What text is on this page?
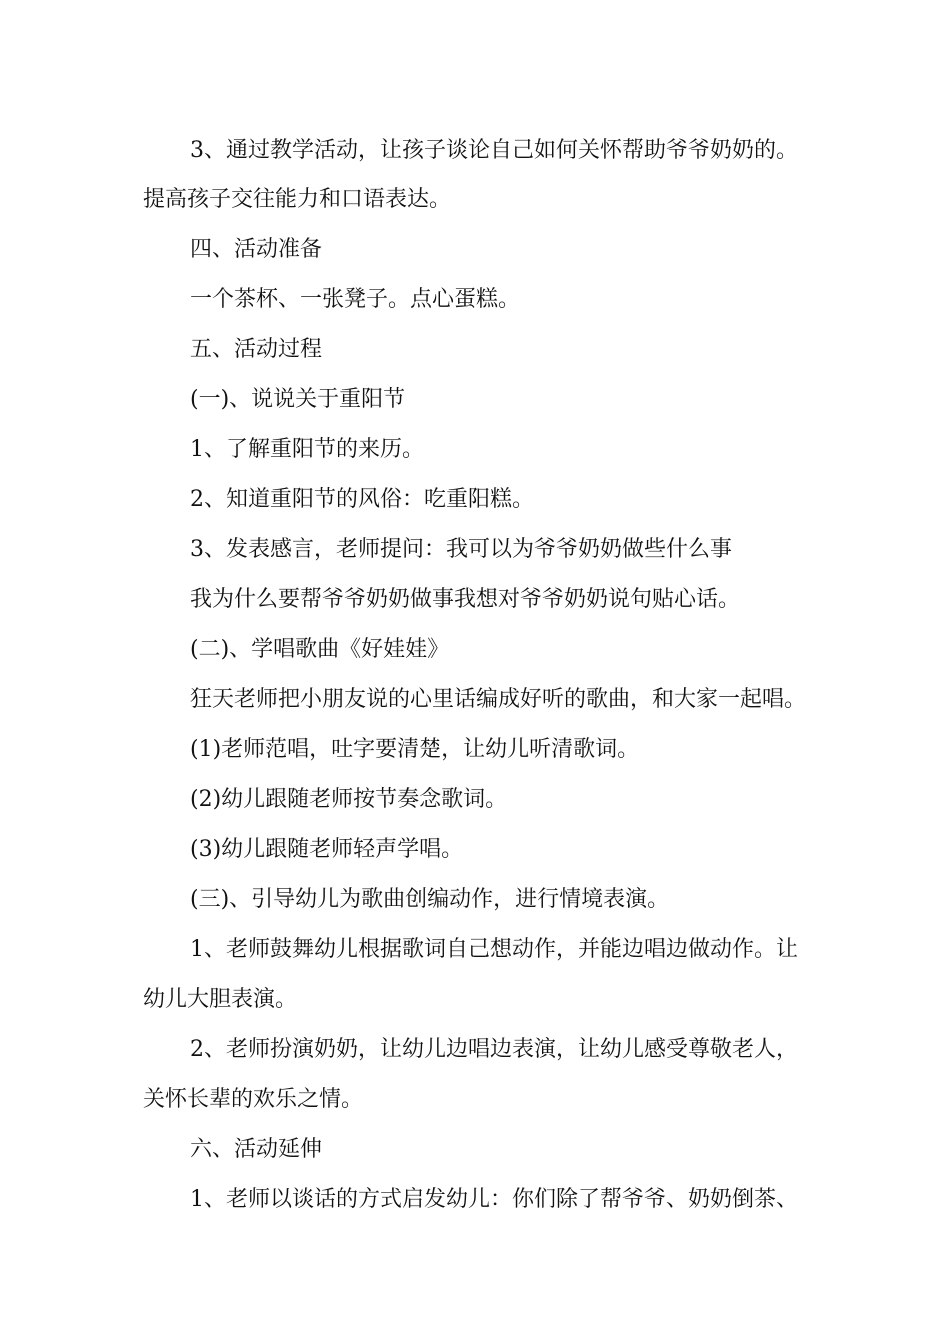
3、通过教学活动，让孩子谈论自己如何关怀帮助爷爷奶奶的。

提高孩子交往能力和口语表达。

四、活动准备

一个茶杯、一张凳子。点心蛋糕。

五、活动过程

(一)、说说关于重阳节

1、了解重阳节的来历。

2、知道重阳节的风俗：吃重阳糕。

3、发表感言，老师提问：我可以为爷爷奶奶做些什么事

我为什么要帮爷爷奶奶做事我想对爷爷奶奶说句贴心话。

(二)、学唱歌曲《好娃娃》

狂天老师把小朋友说的心里话编成好听的歌曲，和大家一起唱。

(1)老师范唱，吐字要清楚，让幼儿听清歌词。

(2)幼儿跟随老师按节奏念歌词。

(3)幼儿跟随老师轻声学唱。

(三)、引导幼儿为歌曲创编动作，进行情境表演。

1、老师鼓舞幼儿根据歌词自己想动作，并能边唱边做动作。让

幼儿大胆表演。

2、老师扮演奶奶，让幼儿边唱边表演，让幼儿感受尊敬老人，

关怀长辈的欢乐之情。

六、活动延伸

1、老师以谈话的方式启发幼儿：你们除了帮爷爷、奶奶倒茶、
